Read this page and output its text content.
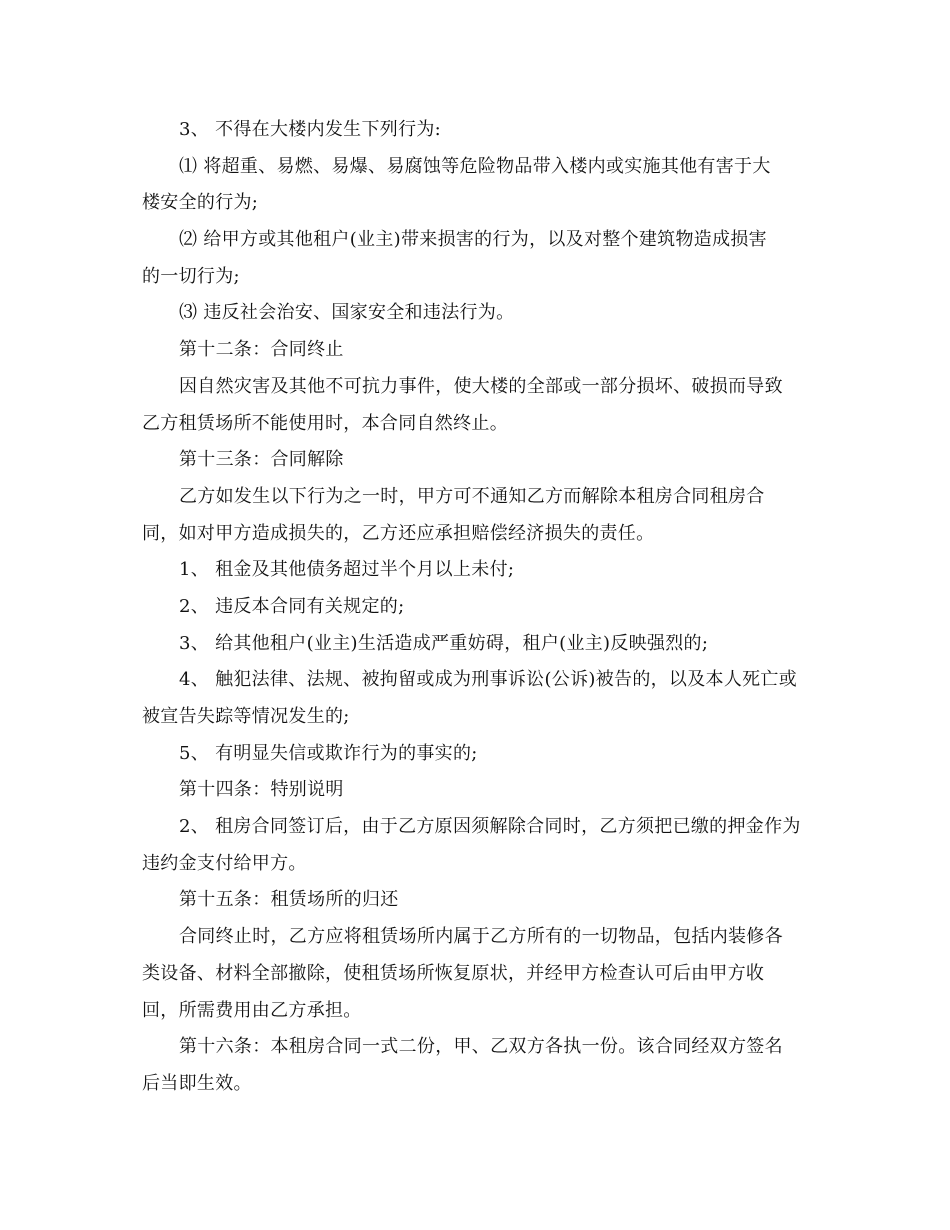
3、 不得在大楼内发生下列行为:
⑴ 将超重、易燃、易爆、易腐蚀等危险物品带入楼内或实施其他有害于大
楼安全的行为;
⑵ 给甲方或其他租户(业主)带来损害的行为，以及对整个建筑物造成损害
的一切行为;
⑶ 违反社会治安、国家安全和违法行为。
第十二条：合同终止
因自然灾害及其他不可抗力事件，使大楼的全部或一部分损坏、破损而导致
乙方租赁场所不能使用时，本合同自然终止。
第十三条：合同解除
乙方如发生以下行为之一时，甲方可不通知乙方而解除本租房合同租房合
同，如对甲方造成损失的，乙方还应承担赔偿经济损失的责任。
1、 租金及其他债务超过半个月以上未付;
2、 违反本合同有关规定的;
3、 给其他租户(业主)生活造成严重妨碍，租户(业主)反映强烈的;
4、 触犯法律、法规、被拘留或成为刑事诉讼(公诉)被告的，以及本人死亡或
被宣告失踪等情况发生的;
5、 有明显失信或欺诈行为的事实的;
第十四条：特别说明
2、 租房合同签订后，由于乙方原因须解除合同时，乙方须把已缴的押金作为
违约金支付给甲方。
第十五条：租赁场所的归还
合同终止时，乙方应将租赁场所内属于乙方所有的一切物品，包括内装修各
类设备、材料全部撤除，使租赁场所恢复原状，并经甲方检查认可后由甲方收
回，所需费用由乙方承担。
第十六条：本租房合同一式二份，甲、乙双方各执一份。该合同经双方签名
后当即生效。
